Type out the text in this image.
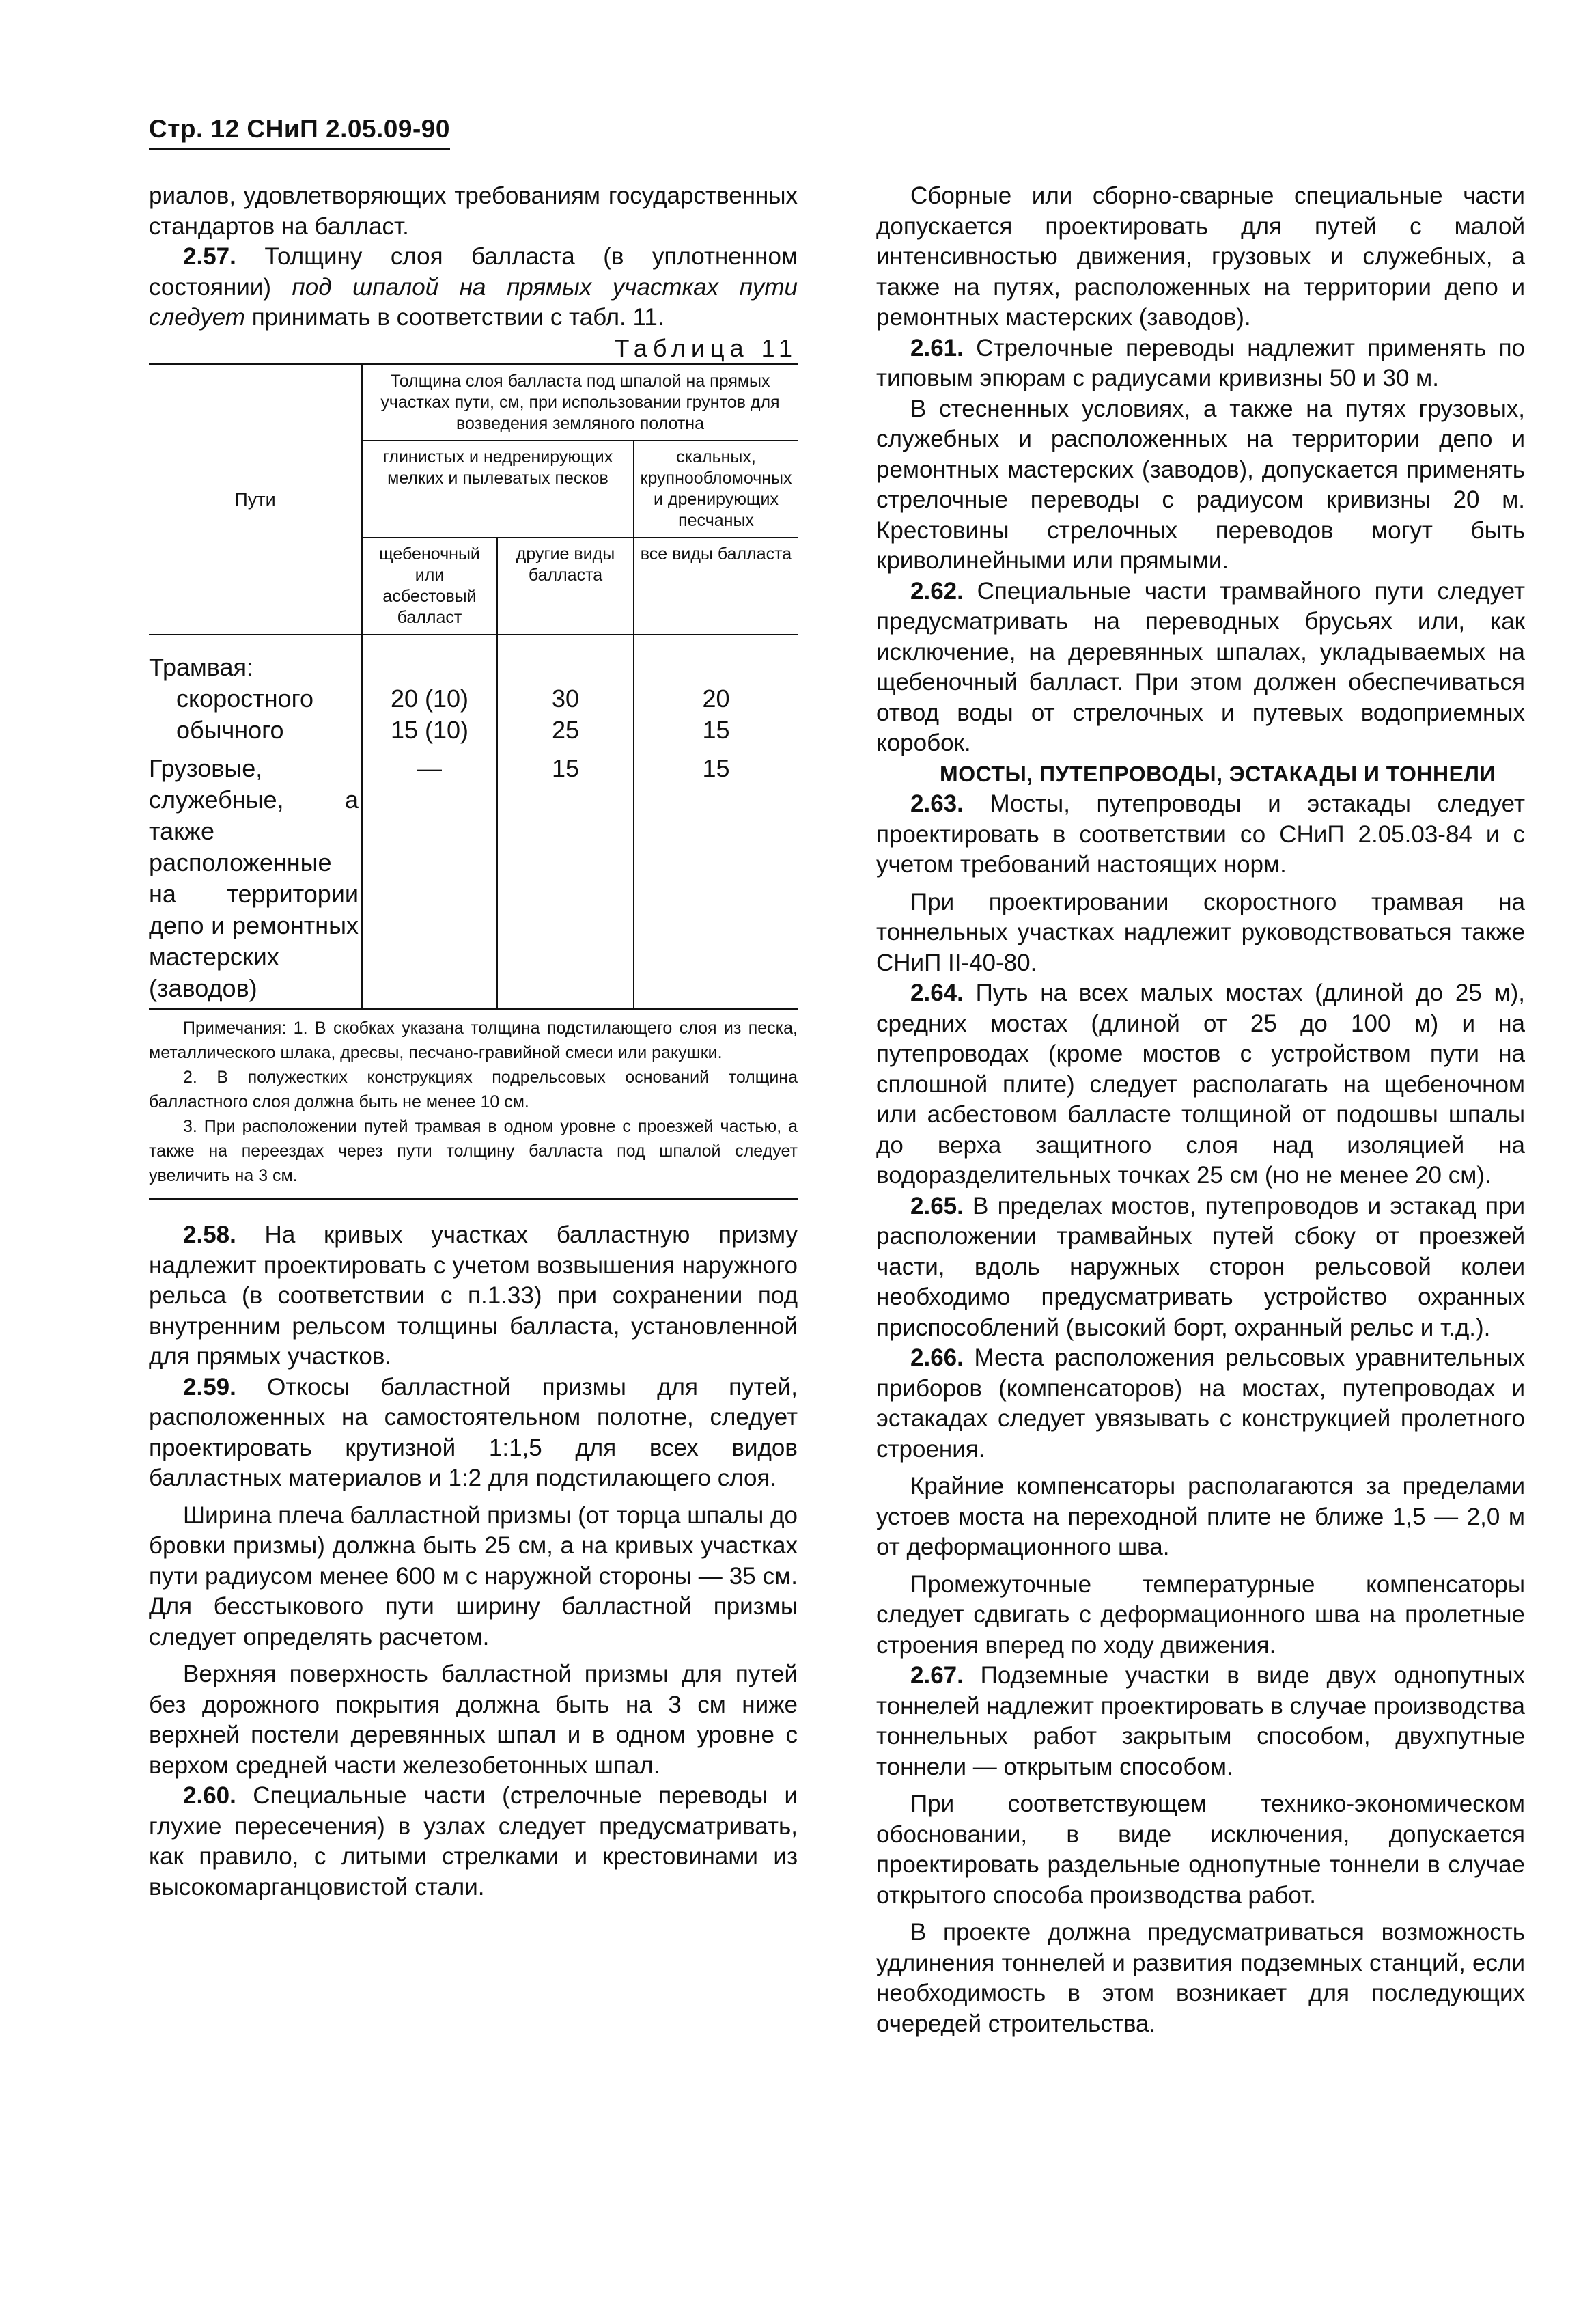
Стр. 12 СНиП 2.05.09-90

риалов, удовлетворяющих требованиям государственных стандартов на балласт.

2.57. Толщину слоя балласта (в уплотненном состоянии) под шпалой на прямых участках пути следует принимать в соответствии с табл. 11.

Таблица 11

Пути	Толщина слоя балласта под шпалой на прямых участках пути, см, при использовании грунтов для возведения земляного полотна		
	глинистых и недренирующих мелких и пылеватых песков		скальных, крупнообломочных и дренирующих песчаных
	щебеночный или асбестовый балласт	другие виды балласта	все виды балласта
Трамвая:			
скоростного	20 (10)	30	20
обычного	15 (10)	25	15
Грузовые, служебные, а также расположенные на территории депо и ремонтных мастерских (заводов)	—	15	15

Примечания: 1. В скобках указана толщина подстилающего слоя из песка, металлического шлака, дресвы, песчано-гравийной смеси или ракушки.

2. В полужестких конструкциях подрельсовых оснований толщина балластного слоя должна быть не менее 10 см.

3. При расположении путей трамвая в одном уровне с проезжей частью, а также на переездах через пути толщину балласта под шпалой следует увеличить на 3 см.

2.58. На кривых участках балластную призму надлежит проектировать с учетом возвышения наружного рельса (в соответствии с п.1.33) при сохранении под внутренним рельсом толщины балласта, установленной для прямых участков.

2.59. Откосы балластной призмы для путей, расположенных на самостоятельном полотне, следует проектировать крутизной 1:1,5 для всех видов балластных материалов и 1:2 для подстилающего слоя.

Ширина плеча балластной призмы (от торца шпалы до бровки призмы) должна быть 25 см, а на кривых участках пути радиусом менее 600 м с наружной стороны — 35 см. Для бесстыкового пути ширину балластной призмы следует определять расчетом.

Верхняя поверхность балластной призмы для путей без дорожного покрытия должна быть на 3 см ниже верхней постели деревянных шпал и в одном уровне с верхом средней части железобетонных шпал.

2.60. Специальные части (стрелочные переводы и глухие пересечения) в узлах следует предусматривать, как правило, с литыми стрелками и крестовинами из высокомарганцовистой стали.

Сборные или сборно-сварные специальные части допускается проектировать для путей с малой интенсивностью движения, грузовых и служебных, а также на путях, расположенных на территории депо и ремонтных мастерских (заводов).

2.61. Стрелочные переводы надлежит применять по типовым эпюрам с радиусами кривизны 50 и 30 м.

В стесненных условиях, а также на путях грузовых, служебных и расположенных на территории депо и ремонтных мастерских (заводов), допускается применять стрелочные переводы с радиусом кривизны 20 м. Крестовины стрелочных переводов могут быть криволинейными или прямыми.

2.62. Специальные части трамвайного пути следует предусматривать на переводных брусьях или, как исключение, на деревянных шпалах, укладываемых на щебеночный балласт. При этом должен обеспечиваться отвод воды от стрелочных и путевых водоприемных коробок.

МОСТЫ, ПУТЕПРОВОДЫ, ЭСТАКАДЫ И ТОННЕЛИ

2.63. Мосты, путепроводы и эстакады следует проектировать в соответствии со СНиП 2.05.03-84 и с учетом требований настоящих норм.

При проектировании скоростного трамвая на тоннельных участках надлежит руководствоваться также СНиП II-40-80.

2.64. Путь на всех малых мостах (длиной до 25 м), средних мостах (длиной от 25 до 100 м) и на путепроводах (кроме мостов с устройством пути на сплошной плите) следует располагать на щебеночном или асбестовом балласте толщиной от подошвы шпалы до верха защитного слоя над изоляцией на водоразделительных точках 25 см (но не менее 20 см).

2.65. В пределах мостов, путепроводов и эстакад при расположении трамвайных путей сбоку от проезжей части, вдоль наружных сторон рельсовой колеи необходимо предусматривать устройство охранных приспособлений (высокий борт, охранный рельс и т.д.).

2.66. Места расположения рельсовых уравнительных приборов (компенсаторов) на мостах, путепроводах и эстакадах следует увязывать с конструкцией пролетного строения.

Крайние компенсаторы располагаются за пределами устоев моста на переходной плите не ближе 1,5 — 2,0 м от деформационного шва.

Промежуточные температурные компенсаторы следует сдвигать с деформационного шва на пролетные строения вперед по ходу движения.

2.67. Подземные участки в виде двух однопутных тоннелей надлежит проектировать в случае производства тоннельных работ закрытым способом, двухпутные тоннели — открытым способом.

При соответствующем технико-экономическом обосновании, в виде исключения, допускается проектировать раздельные однопутные тоннели в случае открытого способа производства работ.

В проекте должна предусматриваться возможность удлинения тоннелей и развития подземных станций, если необходимость в этом возникает для последующих очередей строительства.
